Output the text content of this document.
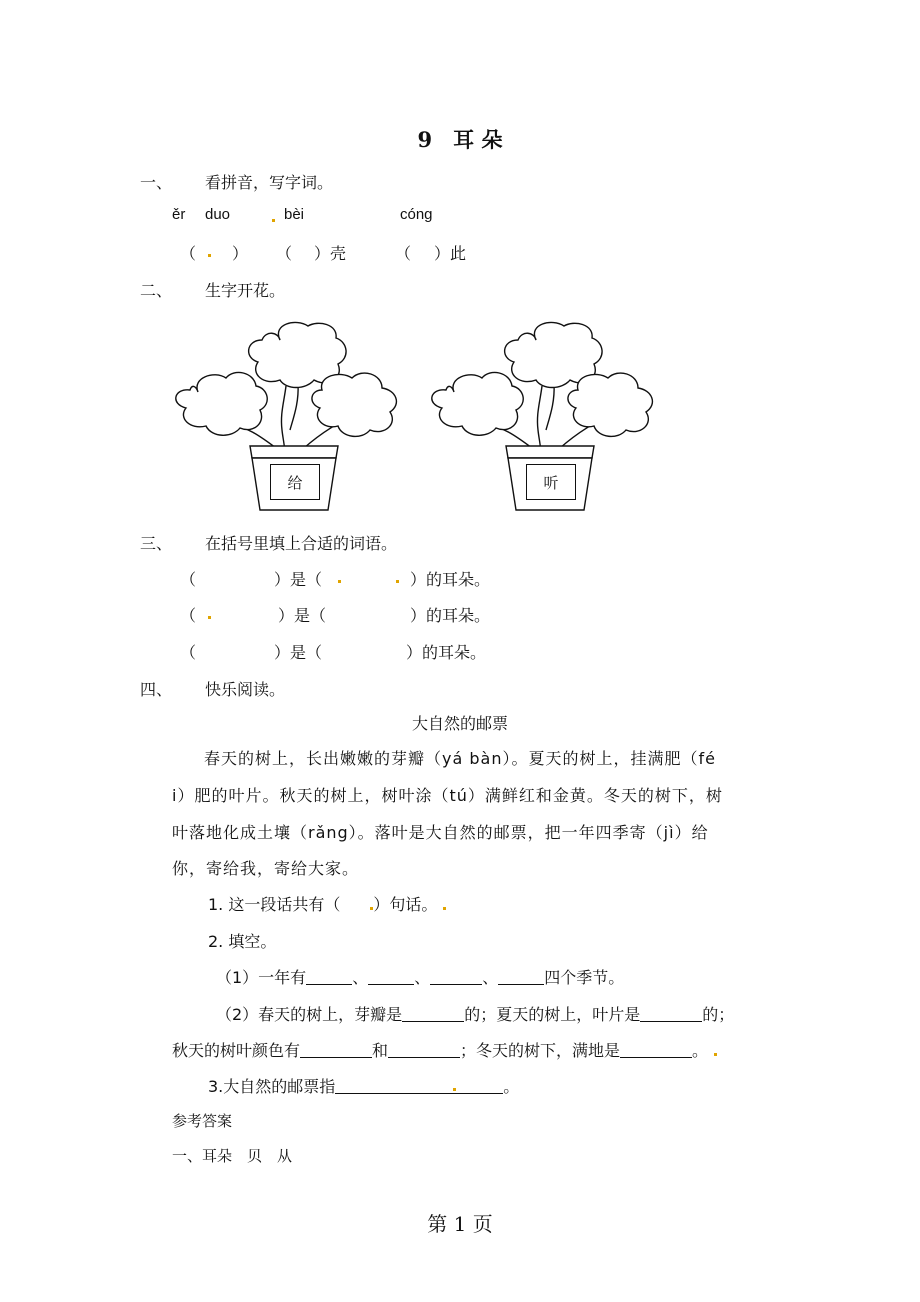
9　耳 朵
一、 看拼音，写字词。
ěr duo	bèi	cóng
（ ） （ ）壳	（ ）此
二、 生字开花。
给	听
三、 在括号里填上合适的词语。
（	）是（	）的耳朵。
（	）是（	）的耳朵。
（	）是（	）的耳朵。
四、 快乐阅读。
大自然的邮票
春天的树上，长出嫩嫩的芽瓣（yá bàn）。夏天的树上，挂满肥（fé
i）肥的叶片。秋天的树上，树叶涂（tú）满鲜红和金黄。冬天的树下，树
叶落地化成土壤（rǎng）。落叶是大自然的邮票，把一年四季寄（jì）给
你，寄给我，寄给大家。
1. 这一段话共有（ ）句话。
2. 填空。
（1）一年有	、	、	、	四个季节。
（2）春天的树上，芽瓣是	的；夏天的树上，叶片是	的；
秋天的树叶颜色有	和	；冬天的树下，满地是	。
3.大自然的邮票指	。
参考答案
一、耳朵　贝　从
第 1 页
